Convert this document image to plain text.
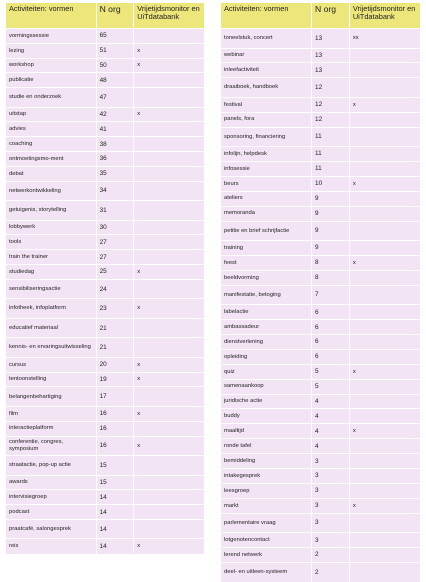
Activiteiten: vormen	N org	Vrijetijdsmonitor en UiTdatabank
vormingssessie	65	
lezing	51	x
workshop	50	x
publicatie	48	
studie en onderzoek	47	
uitstap	42	x
advies	41	
coaching	38	
ontmoetingsmo-ment	36	
debat	35	
netwerkontwikkeling	34	
getuigenis, storytelling	31	
lobbywerk	30	
tools	27	
train the trainer	27	
studiedag	25	x
sensibiliseringsactie	24	
infotheek, infoplatform	23	x
educatief materiaal	21	
kennis- en ervaringsuitwisseling	21	
cursus	20	x
tentoonstelling	19	x
belangenbehartiging	17	
film	16	x
interactieplatform	16	
conferentie, congres, symposium	16	x
straatactie, pop-up actie	15	
awards	15	
intervisiegroep	14	
podcast	14	
praatcafé, salongesprek	14	
reis	14	x
Activiteiten: vormen	N org	Vrijetijdsmonitor en UiTdatabank
toneelstuk, concert	13	xx
webinar	13	
inleefactiviteit	13	
draaiboek, handboek	12	
festival	12	x
panels, fora	12	
sponsoring, financiering	11	
infolijn, helpdesk	11	
infosessie	11	
beurs	10	x
ateliers	9	
memoranda	9	
petitie en brief schrijfactie	9	
training	9	
feest	8	x
beeldvorming	8	
manifestatie, betoging	7	
labelactie	6	
ambassadeur	6	
dienstverlening	6	
opleiding	6	
quiz	5	x
samenaankoop	5	
juridische actie	4	
buddy	4	
maaltijd	4	x
ronde tafel	4	
bemiddeling	3	
intakegesprek	3	
leesgroep	3	
markt	3	x
parlementaire vraag	3	
lotgenotencontact	3	
lerend netwerk	2	
deel- en uitleen-systeem	2	
